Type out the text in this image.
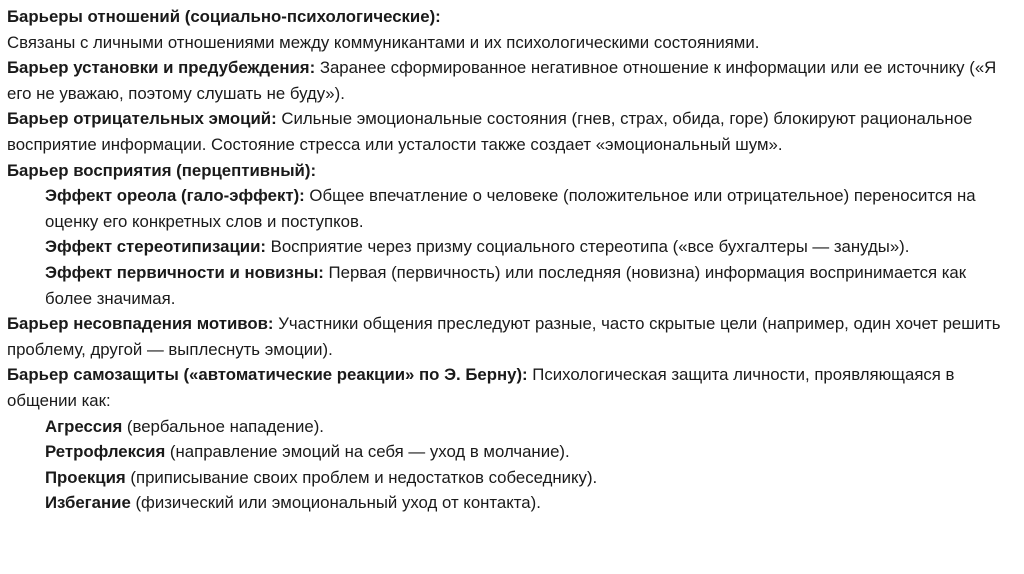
Барьеры отношений (социально-психологические):

Связаны с личными отношениями между коммуникантами и их психологическими состояниями.

Барьер установки и предубеждения: Заранее сформированное негативное отношение к информации или ее источнику («Я его не уважаю, поэтому слушать не буду»).

Барьер отрицательных эмоций: Сильные эмоциональные состояния (гнев, страх, обида, горе) блокируют рациональное восприятие информации. Состояние стресса или усталости также создает «эмоциональный шум».

Барьер восприятия (перцептивный):

Эффект ореола (гало-эффект): Общее впечатление о человеке (положительное или отрицательное) переносится на оценку его конкретных слов и поступков.

Эффект стереотипизации: Восприятие через призму социального стереотипа («все бухгалтеры — зануды»).

Эффект первичности и новизны: Первая (первичность) или последняя (новизна) информация воспринимается как более значимая.

Барьер несовпадения мотивов: Участники общения преследуют разные, часто скрытые цели (например, один хочет решить проблему, другой — выплеснуть эмоции).

Барьер самозащиты («автоматические реакции» по Э. Берну): Психологическая защита личности, проявляющаяся в общении как:

Агрессия (вербальное нападение).

Ретрофлексия (направление эмоций на себя — уход в молчание).

Проекция (приписывание своих проблем и недостатков собеседнику).

Избегание (физический или эмоциональный уход от контакта).
